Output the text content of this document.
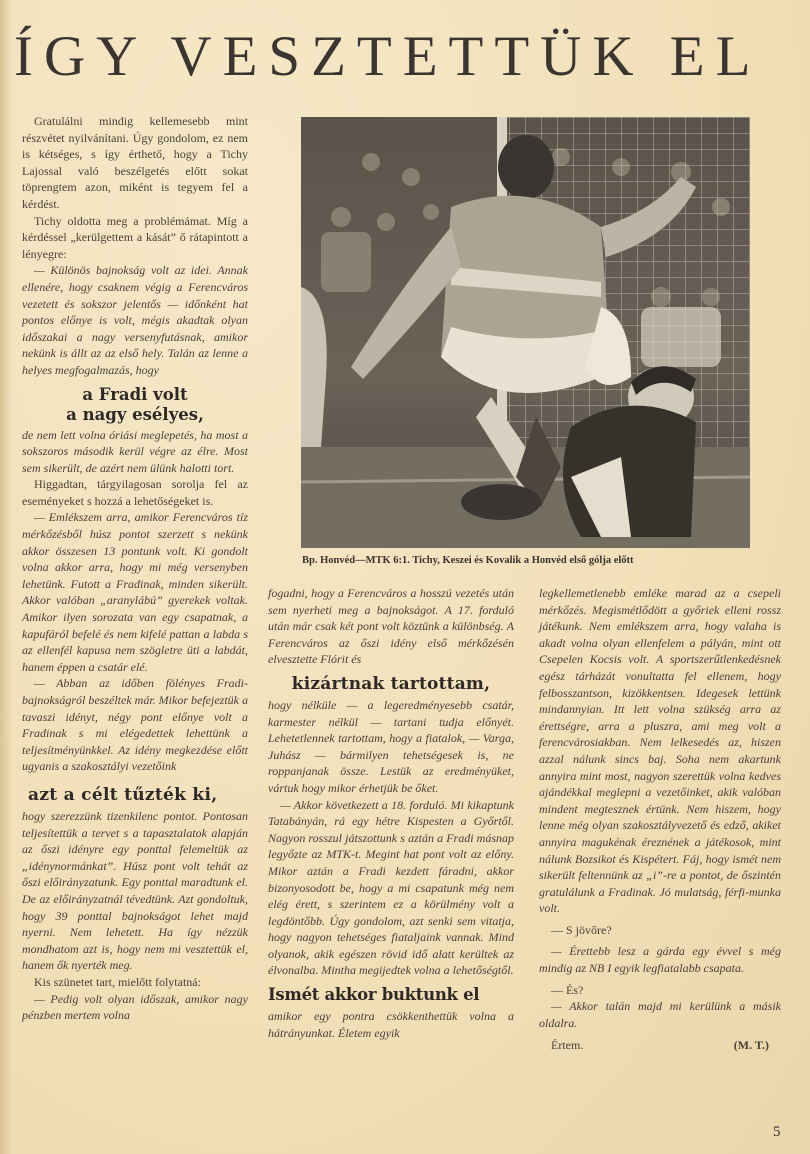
ÍGY VESZTETTÜK EL

Gratulálni mindig kellemesebb mint részvétet nyilvánítani. Úgy gondolom, ez nem is kétséges, s így érthető, hogy a Tichy Lajossal való beszélgetés előtt sokat töprengtem azon, miként is tegyem fel a kérdést.

Tichy oldotta meg a problémámat. Míg a kérdéssel „kerülgettem a kását” ő rátapintott a lényegre:

— Különös bajnokság volt az idei. Annak ellenére, hogy csaknem végig a Ferencváros vezetett és sokszor jelentős — időnként hat pontos előnye is volt, mégis akadtak olyan időszakai a nagy versenyfutásnak, amikor nekünk is állt az az első hely. Talán az lenne a helyes megfogalmazás, hogy

a Fradi volt
a nagy esélyes,

de nem lett volna óriási meglepetés, ha most a sokszoros második kerül végre az élre. Most sem sikerült, de azért nem ülünk halotti tort.

Higgadtan, tárgyilagosan sorolja fel az eseményeket s hozzá a lehetőségeket is.

— Emlékszem arra, amikor Ferencváros tíz mérkőzésből húsz pontot szerzett s nekünk akkor összesen 13 pontunk volt. Ki gondolt volna akkor arra, hogy mi még versenyben lehetünk. Futott a Fradinak, minden sikerült. Akkor valóban „aranylábú” gyerekek voltak. Amikor ilyen sorozata van egy csapatnak, a kapufáról befelé és nem kifelé pattan a labda s az ellenfél kapusa nem szögletre üti a labdát, hanem éppen a csatár elé.

— Abban az időben fölényes Fradi-bajnokságról beszéltek már. Mikor befejeztük a tavaszi idényt, négy pont előnye volt a Fradinak s mi elégedettek lehettünk a teljesítményünkkel. Az idény megkezdése előtt ugyanis a szakosztályi vezetőink

azt a célt tűzték ki,

hogy szerezzünk tizenkilenc pontot. Pontosan teljesítettük a tervet s a tapasztalatok alapján az őszi idényre egy ponttal felemeltük az „idénynormánkat”. Húsz pont volt tehát az őszi előirányzatunk. Egy ponttal maradtunk el. De az előirányzatnál tévedtünk. Azt gondoltuk, hogy 39 ponttal bajnokságot lehet majd nyerni. Nem lehetett. Ha így nézzük mondhatom azt is, hogy nem mi vesztettük el, hanem ők nyerték meg.

Kis szünetet tart, mielőtt folytatná:

— Pedig volt olyan időszak, amikor nagy pénzben mertem volna

Bp. Honvéd—MTK 6:1. Tichy, Keszei és Kovalik a Honvéd első gólja előtt

fogadni, hogy a Ferencváros a hosszú vezetés után sem nyerheti meg a bajnokságot. A 17. forduló után már csak két pont volt köztünk a különbség. A Ferencváros az őszi idény első mérkőzésén elvesztette Flórit és

kizártnak tartottam,

hogy nélküle — a legeredményesebb csatár, karmester nélkül — tartani tudja előnyét. Lehetetlennek tartottam, hogy a fiatalok, — Varga, Juhász — bármilyen tehetségesek is, ne roppanjanak össze. Lestük az eredményüket, vártuk hogy mikor érhetjük be őket.

— Akkor következett a 18. forduló. Mi kikaptunk Tatabányán, rá egy hétre Kispesten a Győrtől. Nagyon rosszul játszottunk s aztán a Fradi másnap legyőzte az MTK-t. Megint hat pont volt az előny. Mikor aztán a Fradi kezdett fáradni, akkor bizonyosodott be, hogy a mi csapatunk még nem elég érett, s szerintem ez a körülmény volt a legdöntőbb. Úgy gondolom, azt senki sem vitatja, hogy nagyon tehetséges fiataljaink vannak. Mind olyanok, akik egészen rövid idő alatt kerültek az élvonalba. Mintha megijedtek volna a lehetőségtől.

Ismét akkor buktunk el

amikor egy pontra csökkenthettük volna a hátrányunkat. Életem egyik

legkellemetlenebb emléke marad az a csepeli mérkőzés. Megismétlődött a győriek elleni rossz játékunk. Nem emlékszem arra, hogy valaha is akadt volna olyan ellenfelem a pályán, mint ott Csepelen Kocsis volt. A sportszerűtlenkedésnek egész tárházát vonultatta fel ellenem, hogy felbosszantson, kizökkentsen. Idegesek lettünk mindannyian. Itt lett volna szükség arra az érettségre, arra a pluszra, ami meg volt a ferencvárosiakban. Nem lelkesedés az, hiszen azzal nálunk sincs baj. Soha nem akartunk annyira mint most, nagyon szerettük volna kedves ajándékkal meglepni a vezetőinket, akik valóban mindent megtesznek értünk. Nem hiszem, hogy lenne még olyan szakosztályvezető és edző, akiket annyira magukénak éreznének a játékosok, mint nálunk Bozsikot és Kispétert. Fáj, hogy ismét nem sikerült feltennünk az „i”-re a pontot, de őszintén gratulálunk a Fradinak. Jó mulatság, férfi-munka volt.

— S jövőre?

— Érettebb lesz a gárda egy évvel s még mindig az NB I egyik legfiatalabb csapata.

— És?

— Akkor talán majd mi kerülünk a másik oldalra.

Értem.	(M. T.)
5
